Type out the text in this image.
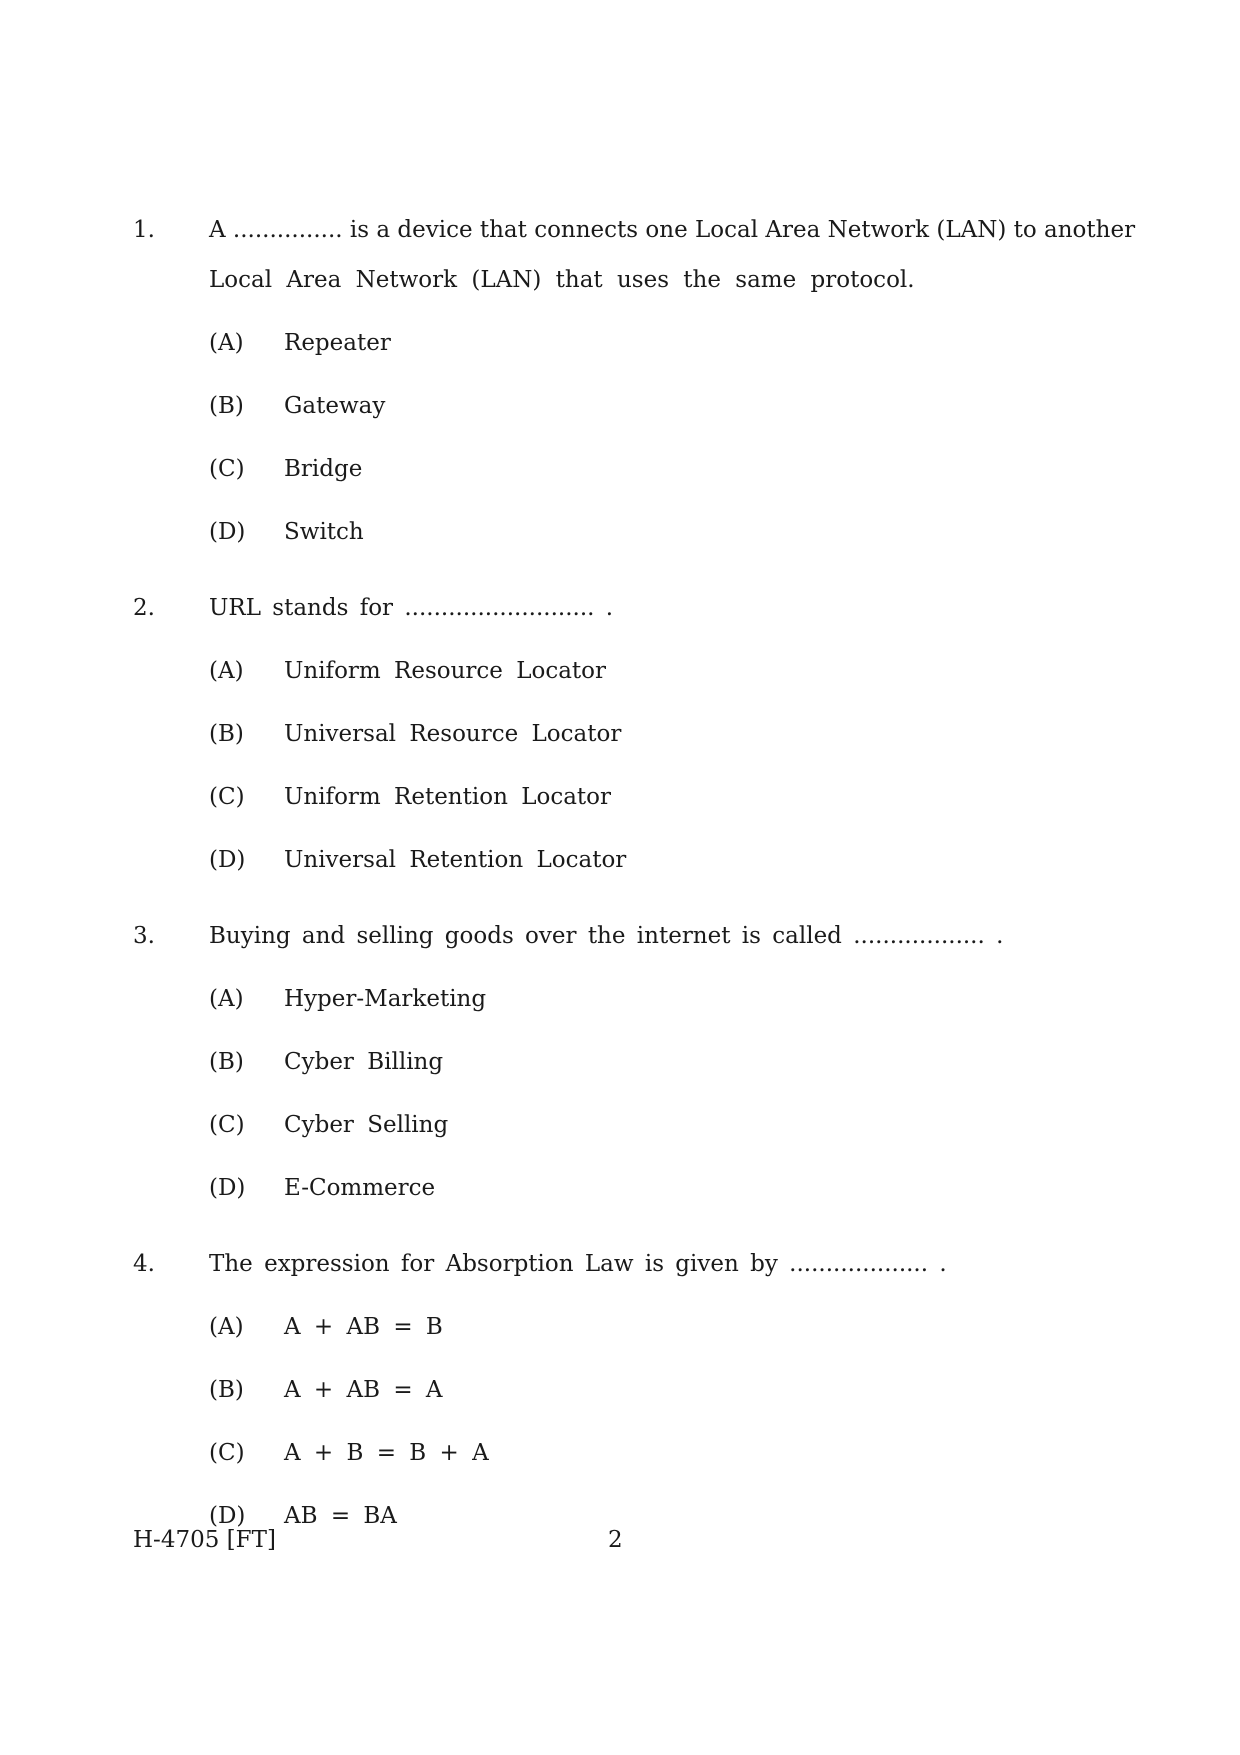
1.	A ............... is a device that connects one Local Area Network (LAN) to another
Local Area Network (LAN) that uses the same protocol.
(A)	Repeater
(B)	Gateway
(C)	Bridge
(D)	Switch
2.	URL stands for .......................... .
(A)	Uniform Resource Locator
(B)	Universal Resource Locator
(C)	Uniform Retention Locator
(D)	Universal Retention Locator
3.	Buying and selling goods over the internet is called .................. .
(A)	Hyper-Marketing
(B)	Cyber Billing
(C)	Cyber Selling
(D)	E-Commerce
4.	The expression for Absorption Law is given by ................... .
(A)	A + AB = B
(B)	A + AB = A
(C)	A + B = B + A
(D)	AB = BA
H-4705 [FT]	2
